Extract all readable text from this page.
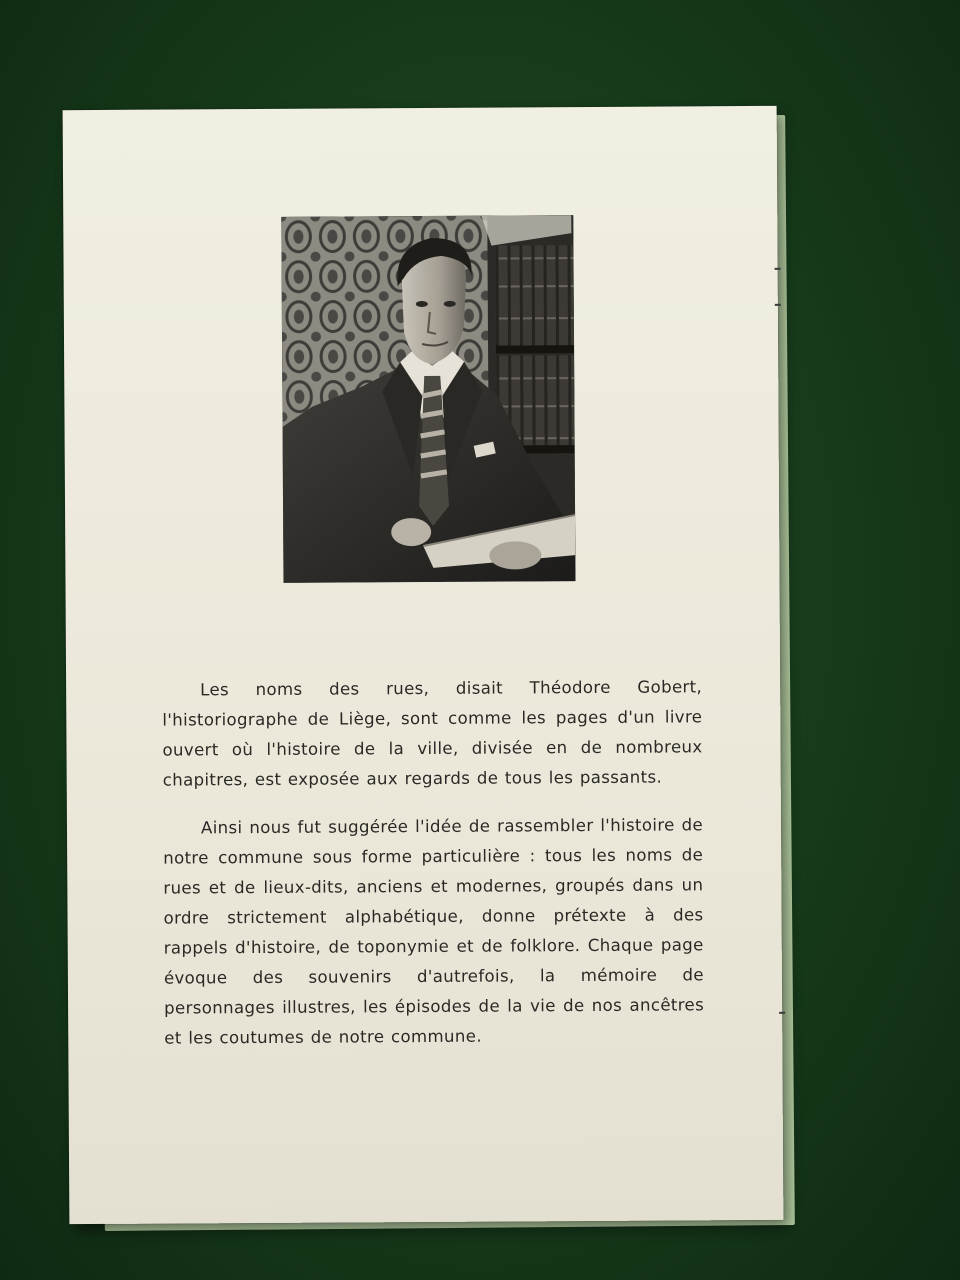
Les noms des rues, disait Théodore Gobert, l'historiographe de Liège, sont comme les pages d'un livre ouvert où l'histoire de la ville, divisée en de nombreux chapitres, est exposée aux regards de tous les passants.

Ainsi nous fut suggérée l'idée de rassembler l'histoire de notre commune sous forme particulière : tous les noms de rues et de lieux-dits, anciens et modernes, groupés dans un ordre strictement alphabétique, donne prétexte à des rappels d'histoire, de toponymie et de folklore. Chaque page évoque des souvenirs d'autrefois, la mémoire de personnages illustres, les épisodes de la vie de nos ancêtres et les coutumes de notre commune.
